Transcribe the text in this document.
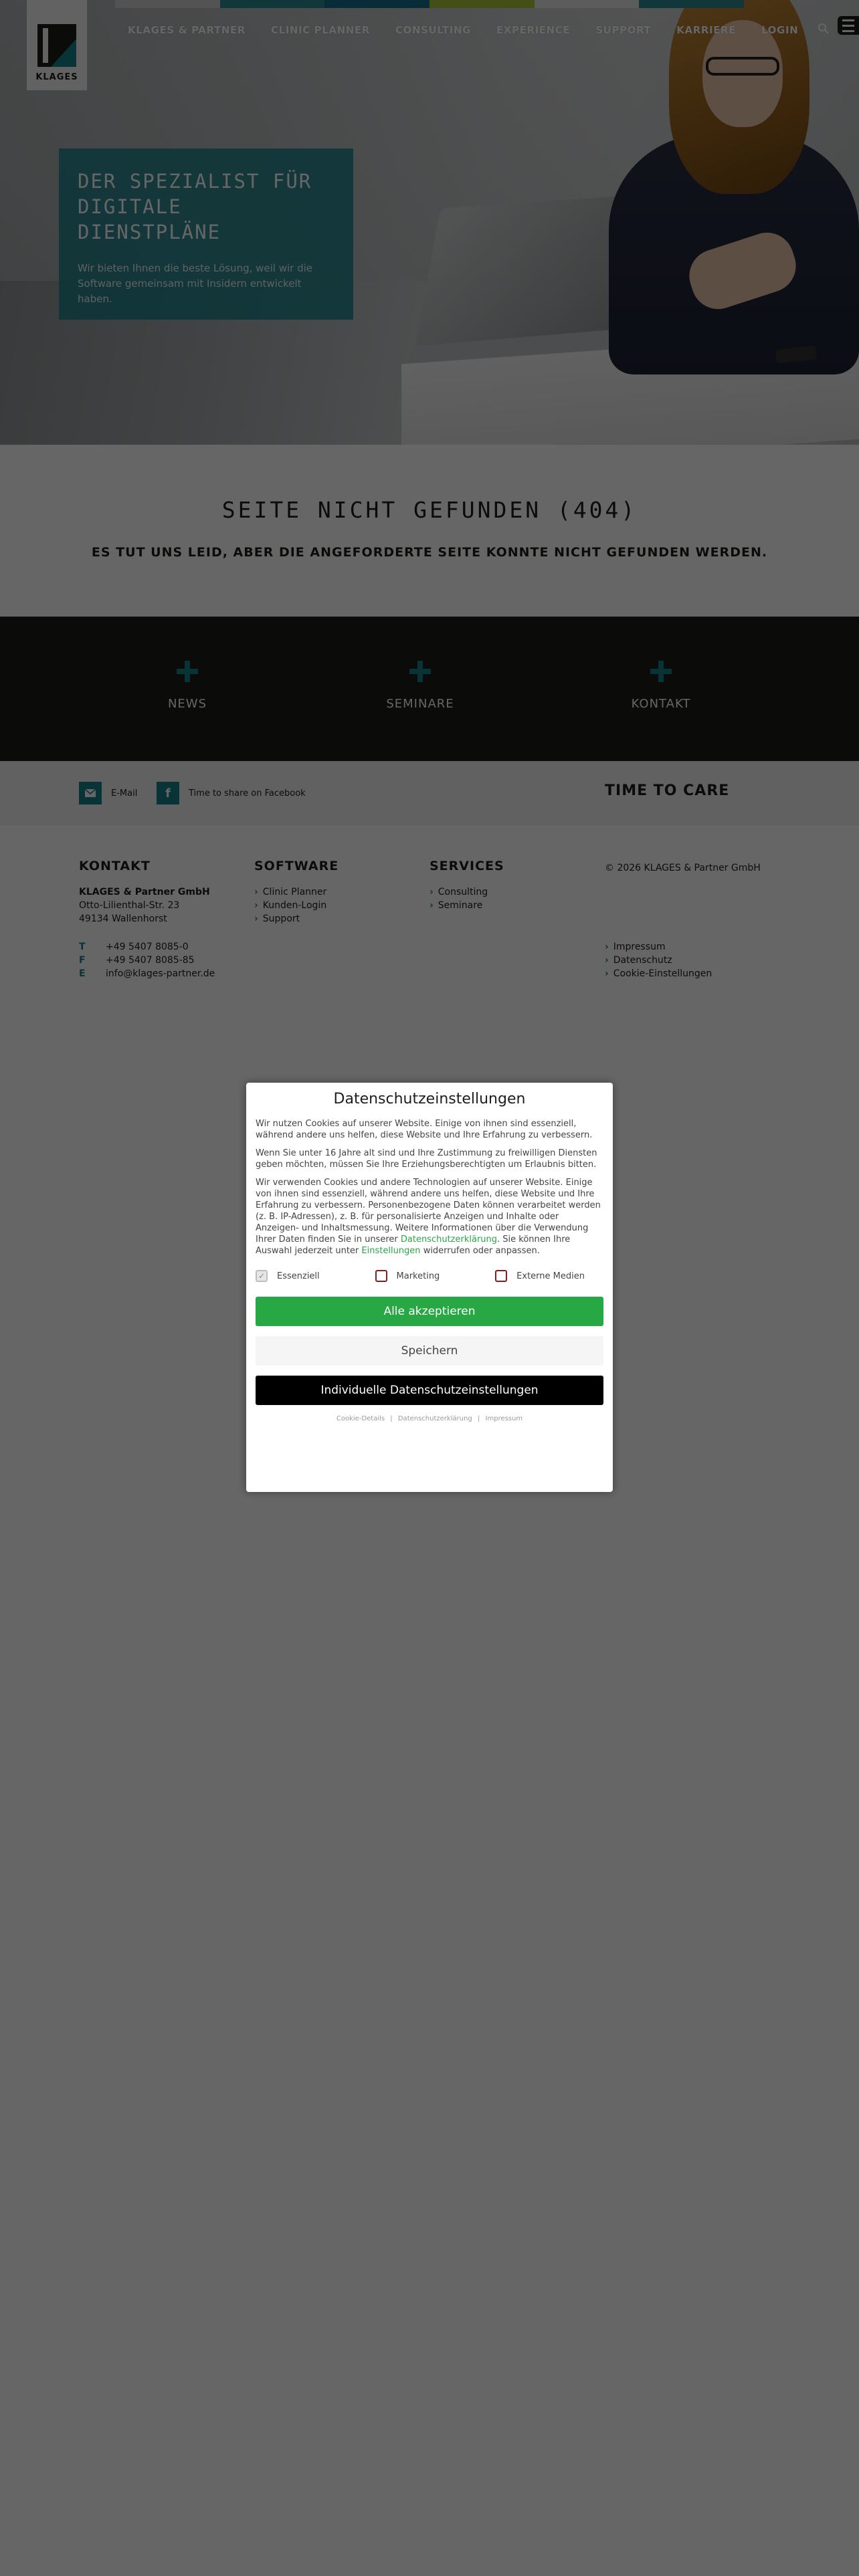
›
›
›
›
›
›
›
›
Datenschutzeinstellungen

Wir nutzen Cookies auf unserer Website. Einige von ihnen sind essenziell, während andere uns helfen, diese Website und Ihre Erfahrung zu verbessern.

Wenn Sie unter 16 Jahre alt sind und Ihre Zustimmung zu freiwilligen Diensten geben möchten, müssen Sie Ihre Erziehungsberechtigten um Erlaubnis bitten.

Wir verwenden Cookies und andere Technologien auf unserer Website. Einige von ihnen sind essenziell, während andere uns helfen, diese Website und Ihre Erfahrung zu verbessern. Personenbezogene Daten können verarbeitet werden (z. B. IP-Adressen), z. B. für personalisierte Anzeigen und Inhalte oder Anzeigen- und Inhaltsmessung. Weitere Informationen über die Verwendung Ihrer Daten finden Sie in unserer Datenschutzerklärung. Sie können Ihre Auswahl jederzeit unter Einstellungen widerrufen oder anpassen.

✓	Essenziell	Marketing	Externe Medien
Alle akzeptieren
Speichern
Individuelle Datenschutzeinstellungen
Cookie-Details | Datenschutzerklärung | Impressum
